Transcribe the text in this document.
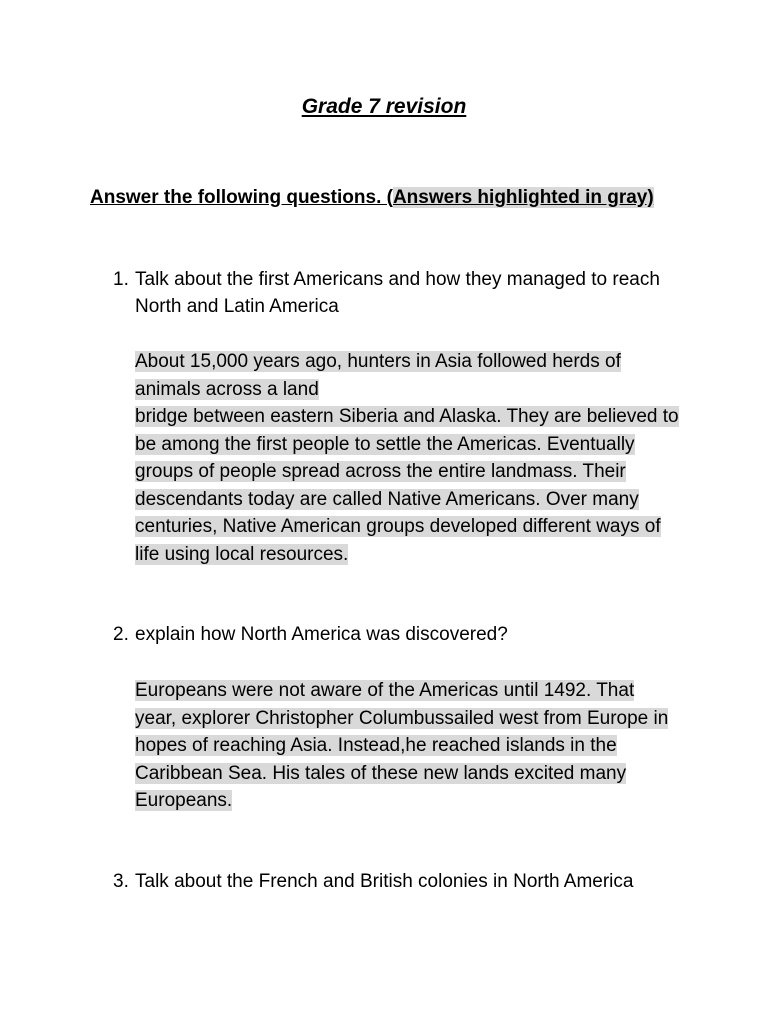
Grade 7 revision
Answer the following questions. (Answers highlighted in gray)
1. Talk about the first Americans and how they managed to reach North and Latin America
About 15,000 years ago, hunters in Asia followed herds of animals across a land
bridge between eastern Siberia and Alaska. They are believed to be among the first people to settle the Americas. Eventually groups of people spread across the entire landmass. Their descendants today are called Native Americans. Over many centuries, Native American groups developed different ways of life using local resources.
2. explain how North America was discovered?
Europeans were not aware of the Americas until 1492. That year, explorer Christopher Columbussailed west from Europe in hopes of reaching Asia. Instead,he reached islands in the Caribbean Sea. His tales of these new lands excited many Europeans.
3. Talk about the French and British colonies in North America
